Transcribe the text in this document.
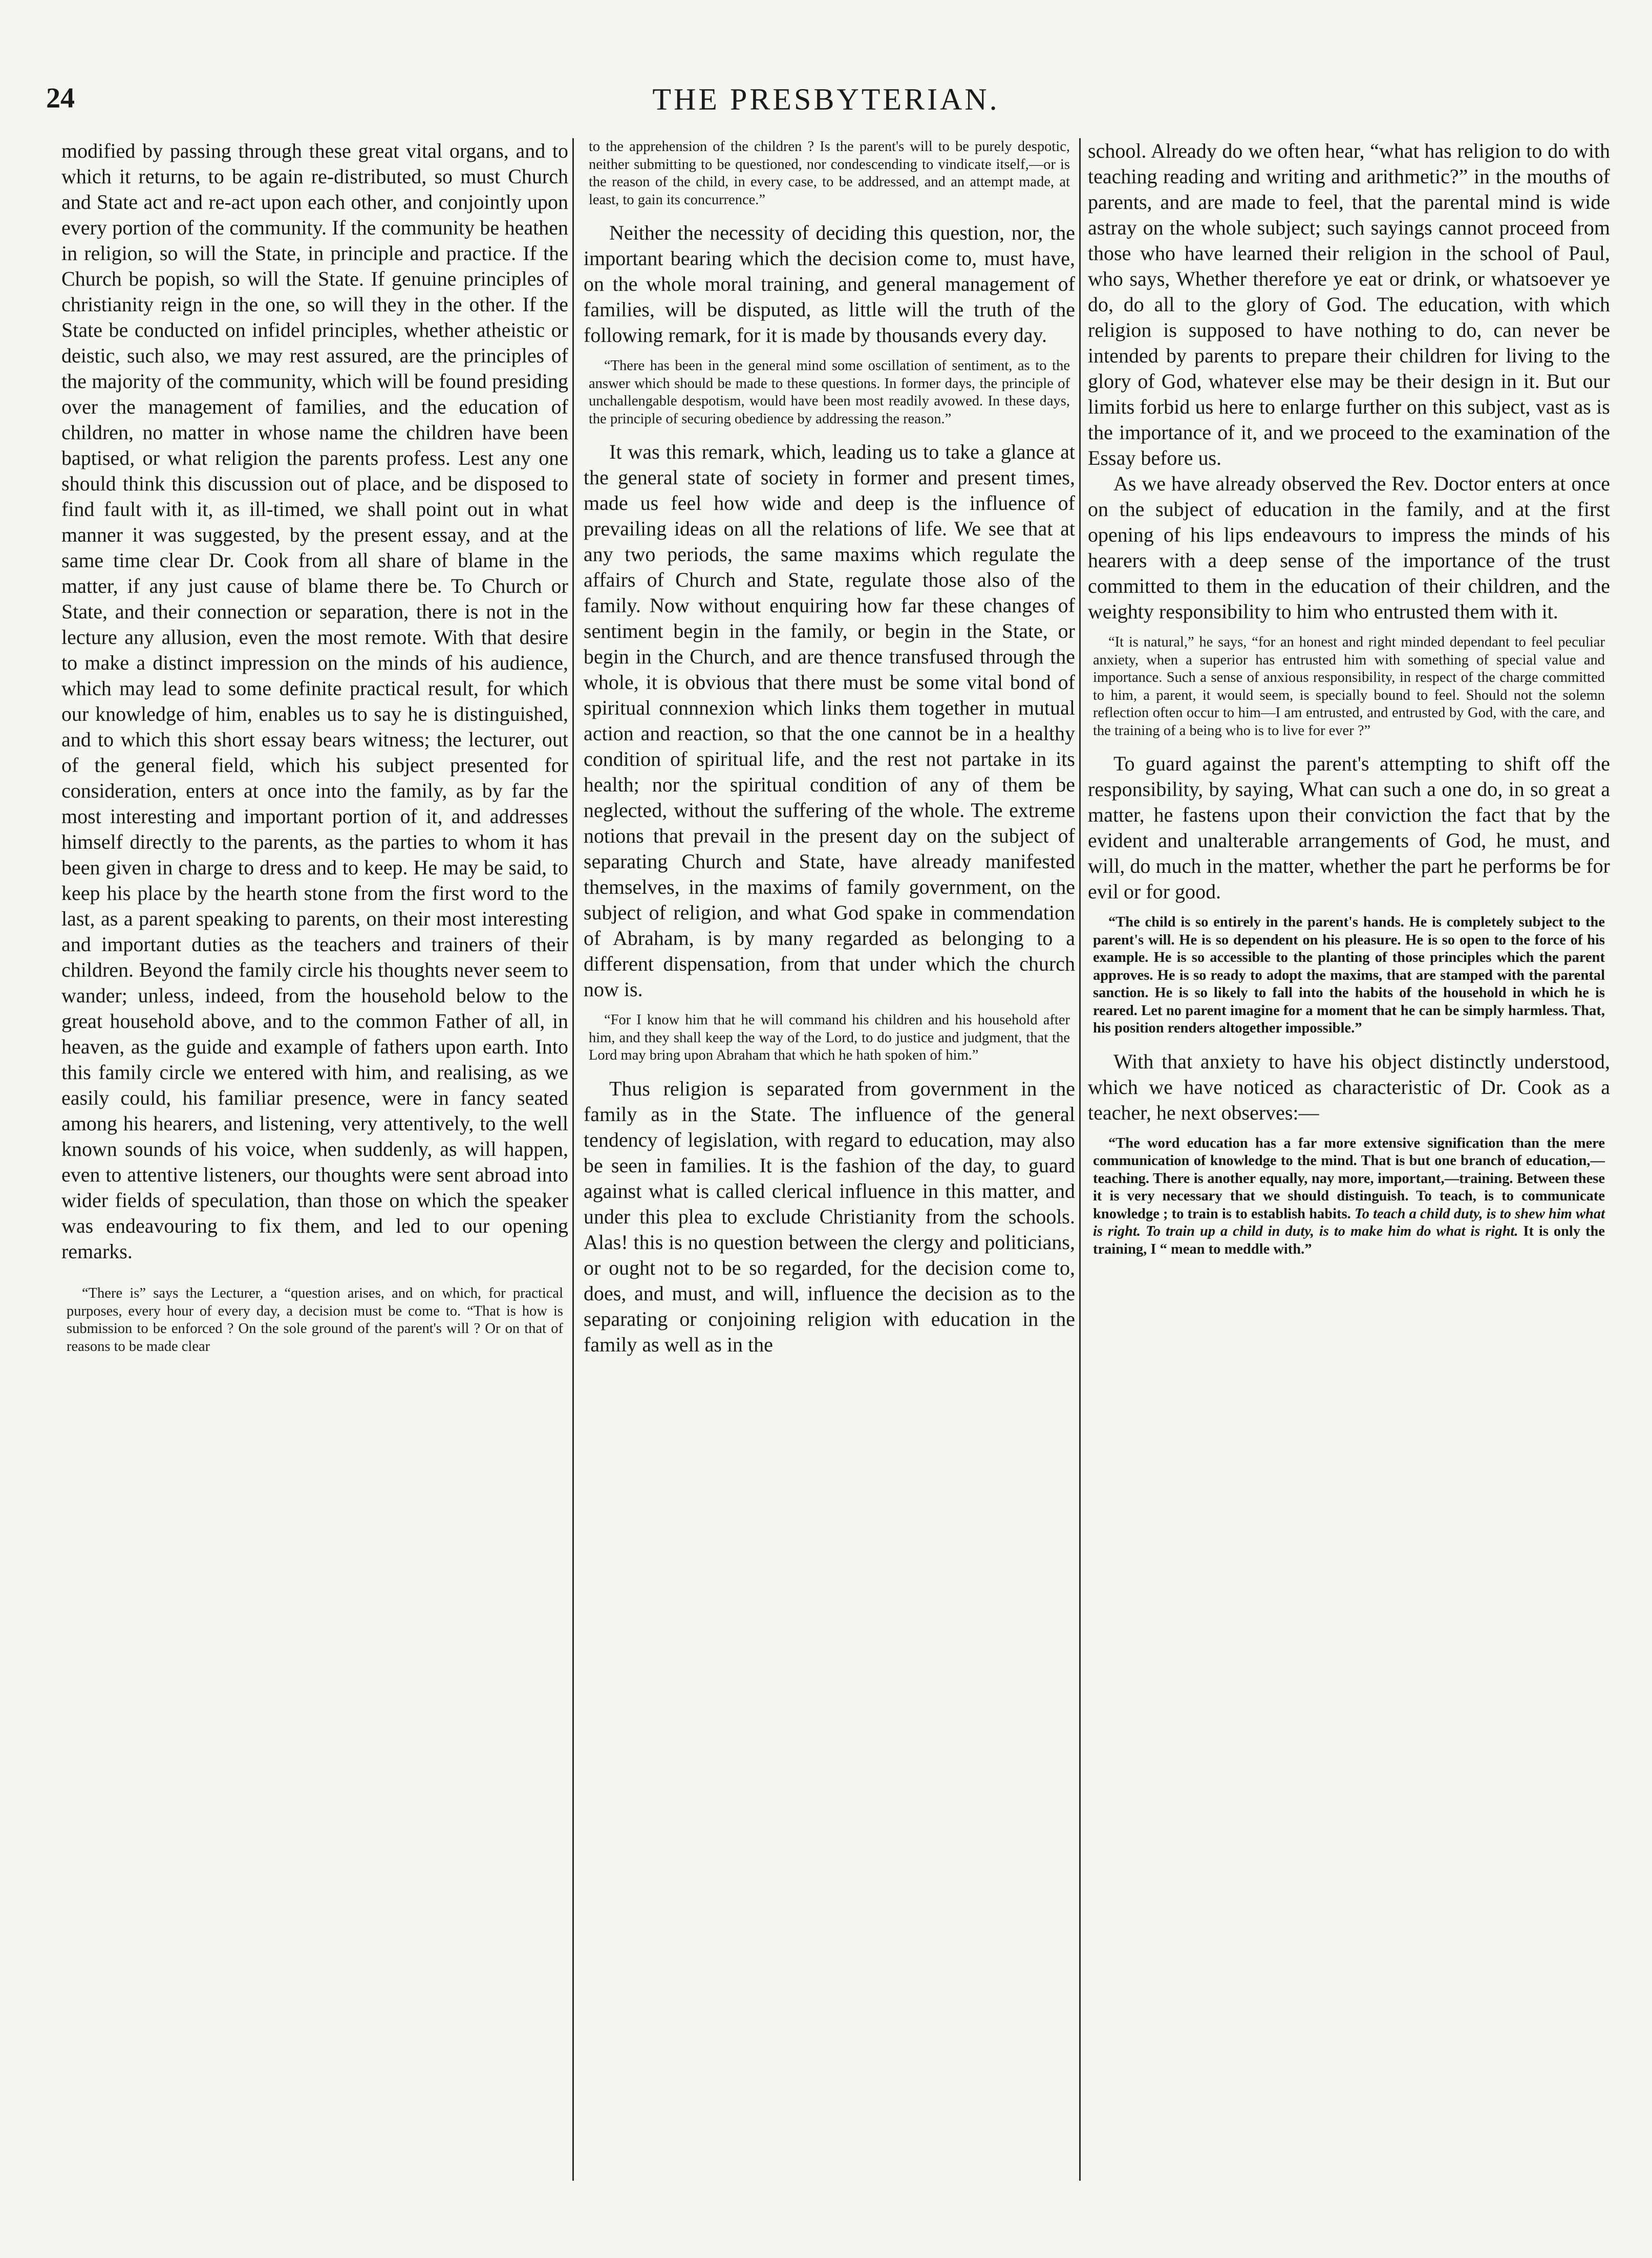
24	THE PRESBYTERIAN.

modified by passing through these great vital organs, and to which it returns, to be again re-distributed, so must Church and State act and re-act upon each other, and conjointly upon every portion of the community. If the community be heathen in religion, so will the State, in principle and practice. If the Church be popish, so will the State. If genuine principles of christianity reign in the one, so will they in the other. If the State be conducted on infidel principles, whether atheistic or deistic, such also, we may rest assured, are the principles of the majority of the community, which will be found presiding over the management of families, and the education of children, no matter in whose name the children have been baptised, or what religion the parents profess. Lest any one should think this discussion out of place, and be disposed to find fault with it, as ill-timed, we shall point out in what manner it was suggested, by the present essay, and at the same time clear Dr. Cook from all share of blame in the matter, if any just cause of blame there be. To Church or State, and their connection or separation, there is not in the lecture any allusion, even the most remote. With that desire to make a distinct impression on the minds of his audience, which may lead to some definite practical result, for which our knowledge of him, enables us to say he is distinguished, and to which this short essay bears witness; the lecturer, out of the general field, which his subject presented for consideration, enters at once into the family, as by far the most interesting and important portion of it, and addresses himself directly to the parents, as the parties to whom it has been given in charge to dress and to keep. He may be said, to keep his place by the hearth stone from the first word to the last, as a parent speaking to parents, on their most interesting and important duties as the teachers and trainers of their children. Beyond the family circle his thoughts never seem to wander; unless, indeed, from the household below to the great household above, and to the common Father of all, in heaven, as the guide and example of fathers upon earth. Into this family circle we entered with him, and realising, as we easily could, his familiar presence, were in fancy seated among his hearers, and listening, very attentively, to the well known sounds of his voice, when suddenly, as will happen, even to attentive listeners, our thoughts were sent abroad into wider fields of speculation, than those on which the speaker was endeavouring to fix them, and led to our opening remarks.

“There is” says the Lecturer, a “question arises, and on which, for practical purposes, every hour of every day, a decision must be come to. “That is how is submission to be enforced ? On the sole ground of the parent's will ? Or on that of reasons to be made clear
to the apprehension of the children ? Is the parent's will to be purely despotic, neither submitting to be questioned, nor condescending to vindicate itself,—or is the reason of the child, in every case, to be addressed, and an attempt made, at least, to gain its concurrence.”

Neither the necessity of deciding this question, nor, the important bearing which the decision come to, must have, on the whole moral training, and general management of families, will be disputed, as little will the truth of the following remark, for it is made by thousands every day.

“There has been in the general mind some oscillation of sentiment, as to the answer which should be made to these questions. In former days, the principle of unchallengable despotism, would have been most readily avowed. In these days, the principle of securing obedience by addressing the reason.”

It was this remark, which, leading us to take a glance at the general state of society in former and present times, made us feel how wide and deep is the influence of prevailing ideas on all the relations of life. We see that at any two periods, the same maxims which regulate the affairs of Church and State, regulate those also of the family. Now without enquiring how far these changes of sentiment begin in the family, or begin in the State, or begin in the Church, and are thence transfused through the whole, it is obvious that there must be some vital bond of spiritual connnexion which links them together in mutual action and reaction, so that the one cannot be in a healthy condition of spiritual life, and the rest not partake in its health; nor the spiritual condition of any of them be neglected, without the suffering of the whole. The extreme notions that prevail in the present day on the subject of separating Church and State, have already manifested themselves, in the maxims of family government, on the subject of religion, and what God spake in commendation of Abraham, is by many regarded as belonging to a different dispensation, from that under which the church now is.

“For I know him that he will command his children and his household after him, and they shall keep the way of the Lord, to do justice and judgment, that the Lord may bring upon Abraham that which he hath spoken of him.”

Thus religion is separated from government in the family as in the State. The influence of the general tendency of legislation, with regard to education, may also be seen in families. It is the fashion of the day, to guard against what is called clerical influence in this matter, and under this plea to exclude Christianity from the schools. Alas! this is no question between the clergy and politicians, or ought not to be so regarded, for the decision come to, does, and must, and will, influence the decision as to the separating or conjoining religion with education in the family as well as in the

school. Already do we often hear, “what has religion to do with teaching reading and writing and arithmetic?” in the mouths of parents, and are made to feel, that the parental mind is wide astray on the whole subject; such sayings cannot proceed from those who have learned their religion in the school of Paul, who says, Whether therefore ye eat or drink, or whatsoever ye do, do all to the glory of God. The education, with which religion is supposed to have nothing to do, can never be intended by parents to prepare their children for living to the glory of God, whatever else may be their design in it. But our limits forbid us here to enlarge further on this subject, vast as is the importance of it, and we proceed to the examination of the Essay before us.

As we have already observed the Rev. Doctor enters at once on the subject of education in the family, and at the first opening of his lips endeavours to impress the minds of his hearers with a deep sense of the importance of the trust committed to them in the education of their children, and the weighty responsibility to him who entrusted them with it.

“It is natural,” he says, “for an honest and right minded dependant to feel peculiar anxiety, when a superior has entrusted him with something of special value and importance. Such a sense of anxious responsibility, in respect of the charge committed to him, a parent, it would seem, is specially bound to feel. Should not the solemn reflection often occur to him—I am entrusted, and entrusted by God, with the care, and the training of a being who is to live for ever ?”

To guard against the parent's attempting to shift off the responsibility, by saying, What can such a one do, in so great a matter, he fastens upon their conviction the fact that by the evident and unalterable arrangements of God, he must, and will, do much in the matter, whether the part he performs be for evil or for good.

“The child is so entirely in the parent's hands. He is completely subject to the parent's will. He is so dependent on his pleasure. He is so open to the force of his example. He is so accessible to the planting of those principles which the parent approves. He is so ready to adopt the maxims, that are stamped with the parental sanction. He is so likely to fall into the habits of the household in which he is reared. Let no parent imagine for a moment that he can be simply harmless. That, his position renders altogether impossible.”

With that anxiety to have his object distinctly understood, which we have noticed as characteristic of Dr. Cook as a teacher, he next observes:—

“The word education has a far more extensive signification than the mere communication of knowledge to the mind. That is but one branch of education,—teaching. There is another equally, nay more, important,—training. Between these it is very necessary that we should distinguish. To teach, is to communicate knowledge ; to train is to establish habits. To teach a child duty, is to shew him what is right. To train up a child in duty, is to make him do what is right. It is only the training, I “ mean to meddle with.”
